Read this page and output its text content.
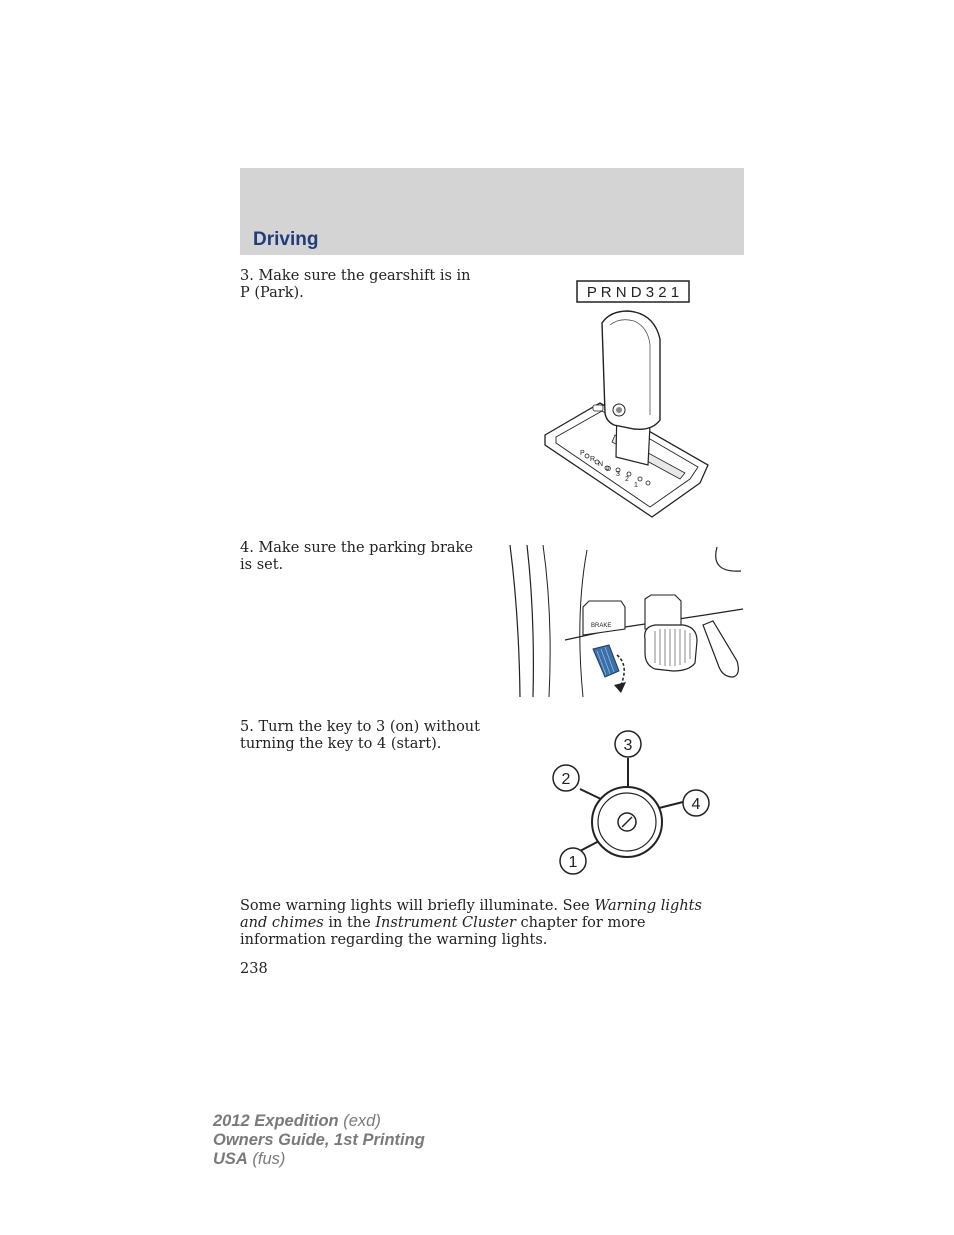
Driving
3. Make sure the gearshift is in P (Park).
4. Make sure the parking brake is set.
5. Turn the key to 3 (on) without turning the key to 4 (start).
P R N D 3 2 1
P
R
N
D
3
2
1
BRAKE
3
2
4
1
Some warning lights will briefly illuminate. See Warning lights and chimes in the Instrument Cluster chapter for more information regarding the warning lights.
238
2012 Expedition (exd)
Owners Guide, 1st Printing
USA (fus)
